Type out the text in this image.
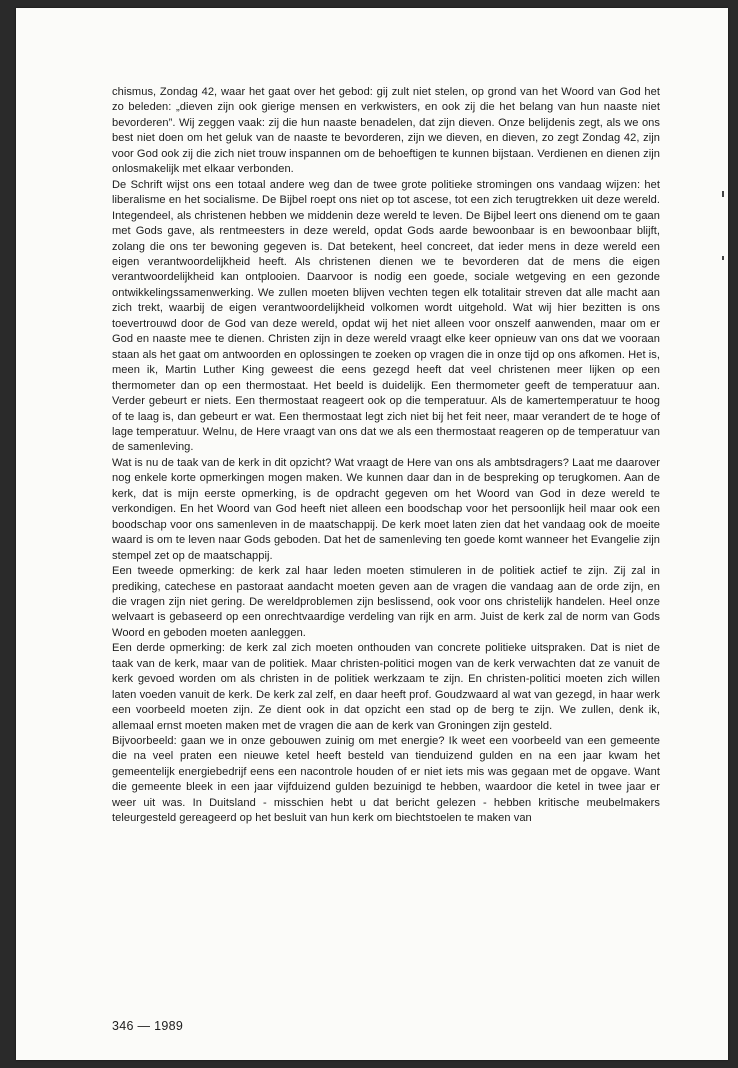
chismus, Zondag 42, waar het gaat over het gebod: gij zult niet stelen, op grond van het Woord van God het zo beleden: „dieven zijn ook gierige mensen en verkwisters, en ook zij die het belang van hun naaste niet bevorderen”. Wij zeggen vaak: zij die hun naaste benadelen, dat zijn dieven. Onze belijdenis zegt, als we ons best niet doen om het geluk van de naaste te bevorderen, zijn we dieven, en dieven, zo zegt Zondag 42, zijn voor God ook zij die zich niet trouw inspannen om de behoeftigen te kunnen bijstaan. Verdienen en dienen zijn onlosmakelijk met elkaar verbonden.

De Schrift wijst ons een totaal andere weg dan de twee grote politieke stromingen ons vandaag wijzen: het liberalisme en het socialisme. De Bijbel roept ons niet op tot ascese, tot een zich terugtrekken uit deze wereld. Integendeel, als christenen hebben we middenin deze wereld te leven. De Bijbel leert ons dienend om te gaan met Gods gave, als rentmeesters in deze wereld, opdat Gods aarde bewoonbaar is en bewoonbaar blijft, zolang die ons ter bewoning gegeven is. Dat betekent, heel concreet, dat ieder mens in deze wereld een eigen verantwoordelijkheid heeft. Als christenen dienen we te bevorderen dat de mens die eigen verantwoordelijkheid kan ontplooien. Daarvoor is nodig een goede, sociale wetgeving en een gezonde ontwikkelingssamenwerking. We zullen moeten blijven vechten tegen elk totalitair streven dat alle macht aan zich trekt, waarbij de eigen verantwoordelijkheid volkomen wordt uitgehold. Wat wij hier bezitten is ons toevertrouwd door de God van deze wereld, opdat wij het niet alleen voor onszelf aanwenden, maar om er God en naaste mee te dienen. Christen zijn in deze wereld vraagt elke keer opnieuw van ons dat we vooraan staan als het gaat om antwoorden en oplossingen te zoeken op vragen die in onze tijd op ons afkomen. Het is, meen ik, Martin Luther King geweest die eens gezegd heeft dat veel christenen meer lijken op een thermometer dan op een thermostaat. Het beeld is duidelijk. Een thermometer geeft de temperatuur aan. Verder gebeurt er niets. Een thermostaat reageert ook op die temperatuur. Als de kamertemperatuur te hoog of te laag is, dan gebeurt er wat. Een thermostaat legt zich niet bij het feit neer, maar verandert de te hoge of lage temperatuur. Welnu, de Here vraagt van ons dat we als een thermostaat reageren op de temperatuur van de samenleving.

Wat is nu de taak van de kerk in dit opzicht? Wat vraagt de Here van ons als ambtsdragers? Laat me daarover nog enkele korte opmerkingen mogen maken. We kunnen daar dan in de bespreking op terugkomen. Aan de kerk, dat is mijn eerste opmerking, is de opdracht gegeven om het Woord van God in deze wereld te verkondigen. En het Woord van God heeft niet alleen een boodschap voor het persoonlijk heil maar ook een boodschap voor ons samenleven in de maatschappij. De kerk moet laten zien dat het vandaag ook de moeite waard is om te leven naar Gods geboden. Dat het de samenleving ten goede komt wanneer het Evangelie zijn stempel zet op de maatschappij.

Een tweede opmerking: de kerk zal haar leden moeten stimuleren in de politiek actief te zijn. Zij zal in prediking, catechese en pastoraat aandacht moeten geven aan de vragen die vandaag aan de orde zijn, en die vragen zijn niet gering. De wereldproblemen zijn beslissend, ook voor ons christelijk handelen. Heel onze welvaart is gebaseerd op een onrechtvaardige verdeling van rijk en arm. Juist de kerk zal de norm van Gods Woord en geboden moeten aanleggen.

Een derde opmerking: de kerk zal zich moeten onthouden van concrete politieke uitspraken. Dat is niet de taak van de kerk, maar van de politiek. Maar christen-politici mogen van de kerk verwachten dat ze vanuit de kerk gevoed worden om als christen in de politiek werkzaam te zijn. En christen-politici moeten zich willen laten voeden vanuit de kerk. De kerk zal zelf, en daar heeft prof. Goudzwaard al wat van gezegd, in haar werk een voorbeeld moeten zijn. Ze dient ook in dat opzicht een stad op de berg te zijn. We zullen, denk ik, allemaal ernst moeten maken met de vragen die aan de kerk van Groningen zijn gesteld.

Bijvoorbeeld: gaan we in onze gebouwen zuinig om met energie? Ik weet een voorbeeld van een gemeente die na veel praten een nieuwe ketel heeft besteld van tienduizend gulden en na een jaar kwam het gemeentelijk energiebedrijf eens een nacontrole houden of er niet iets mis was gegaan met de opgave. Want die gemeente bleek in een jaar vijfduizend gulden bezuinigd te hebben, waardoor die ketel in twee jaar er weer uit was. In Duitsland - misschien hebt u dat bericht gelezen - hebben kritische meubelmakers teleurgesteld gereageerd op het besluit van hun kerk om biechtstoelen te maken van

346 — 1989
